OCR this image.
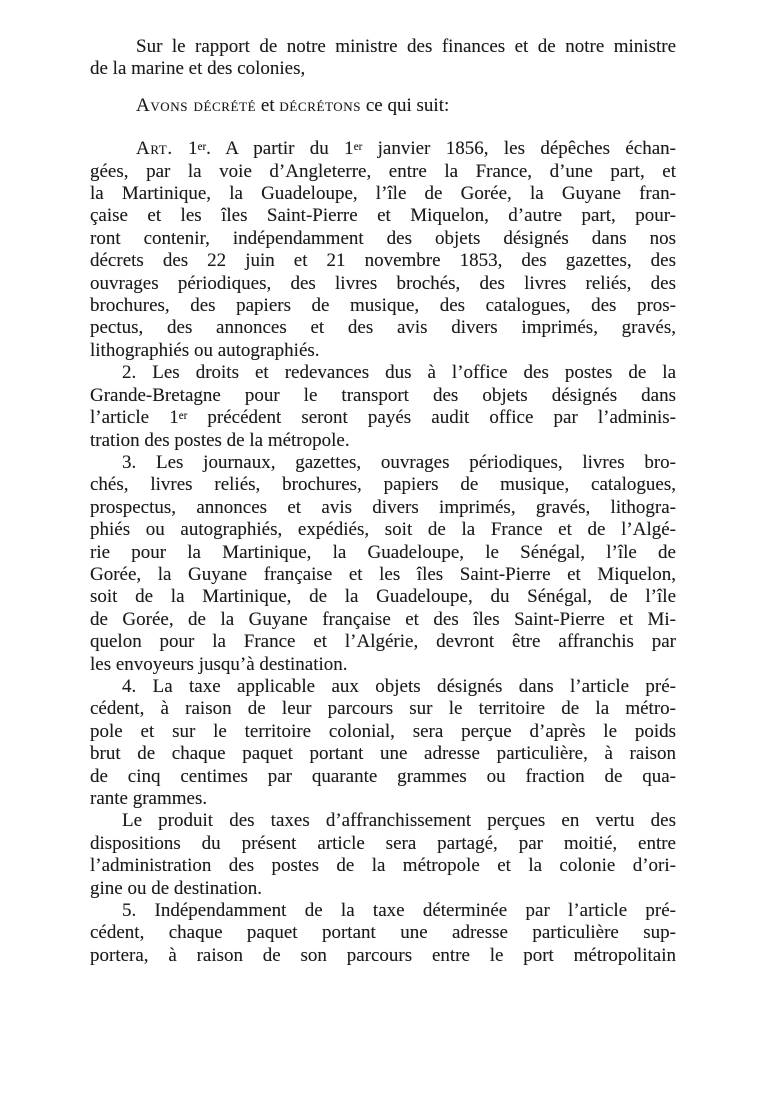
Sur le rapport de notre ministre des finances et de notre ministre
de la marine et des colonies,
Avons décrété et décrétons ce qui suit:
Art. 1er. A partir du 1er janvier 1856, les dépêches échan-
gées, par la voie d’Angleterre, entre la France, d’une part, et
la Martinique, la Guadeloupe, l’île de Gorée, la Guyane fran-
çaise et les îles Saint-Pierre et Miquelon, d’autre part, pour-
ront contenir, indépendamment des objets désignés dans nos
décrets des 22 juin et 21 novembre 1853, des gazettes, des
ouvrages périodiques, des livres brochés, des livres reliés, des
brochures, des papiers de musique, des catalogues, des pros-
pectus, des annonces et des avis divers imprimés, gravés,
lithographiés ou autographiés.
2. Les droits et redevances dus à l’office des postes de la
Grande-Bretagne pour le transport des objets désignés dans
l’article 1er précédent seront payés audit office par l’adminis-
tration des postes de la métropole.
3. Les journaux, gazettes, ouvrages périodiques, livres bro-
chés, livres reliés, brochures, papiers de musique, catalogues,
prospectus, annonces et avis divers imprimés, gravés, lithogra-
phiés ou autographiés, expédiés, soit de la France et de l’Algé-
rie pour la Martinique, la Guadeloupe, le Sénégal, l’île de
Gorée, la Guyane française et les îles Saint-Pierre et Miquelon,
soit de la Martinique, de la Guadeloupe, du Sénégal, de l’île
de Gorée, de la Guyane française et des îles Saint-Pierre et Mi-
quelon pour la France et l’Algérie, devront être affranchis par
les envoyeurs jusqu’à destination.
4. La taxe applicable aux objets désignés dans l’article pré-
cédent, à raison de leur parcours sur le territoire de la métro-
pole et sur le territoire colonial, sera perçue d’après le poids
brut de chaque paquet portant une adresse particulière, à raison
de cinq centimes par quarante grammes ou fraction de qua-
rante grammes.
Le produit des taxes d’affranchissement perçues en vertu des
dispositions du présent article sera partagé, par moitié, entre
l’administration des postes de la métropole et la colonie d’ori-
gine ou de destination.
5. Indépendamment de la taxe déterminée par l’article pré-
cédent, chaque paquet portant une adresse particulière sup-
portera, à raison de son parcours entre le port métropolitain
